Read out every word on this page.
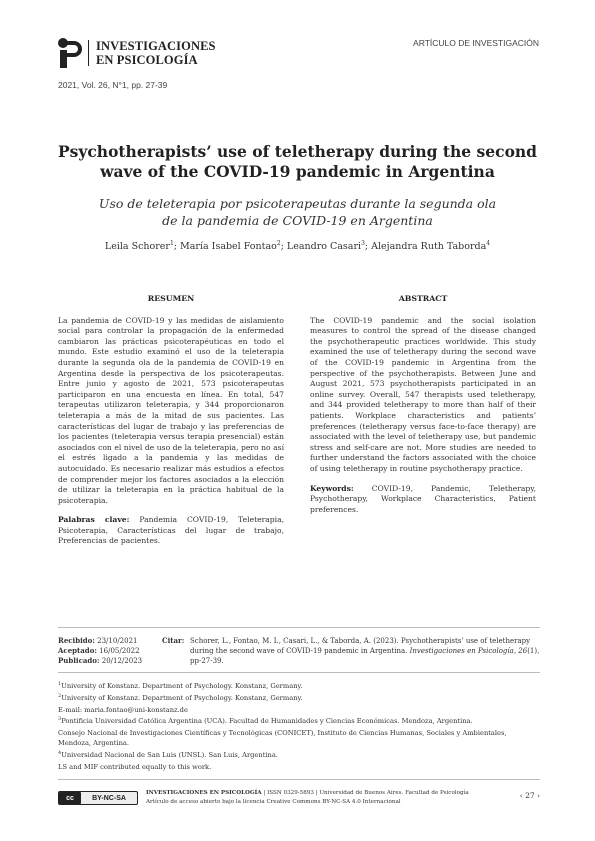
INVESTIGACIONES
EN PSICOLOGÍA
ARTÍCULO DE INVESTIGACIÓN
2021, Vol. 26, N°1, pp. 27-39
Psychotherapists’ use of teletherapy during the second
wave of the COVID-19 pandemic in Argentina
Uso de teleterapia por psicoterapeutas durante la segunda ola
de la pandemia de COVID-19 en Argentina
Leila Schorer$^1$; María Isabel Fontao$^2$; Leandro Casari$^3$; Alejandra Ruth Taborda$^4$
RESUMEN
La pandemia de COVID-19 y las medidas de aislamiento social para controlar la propagación de la enfermedad cambiaron las prácticas psicoterapéuticas en todo el mundo. Este estudio examinó el uso de la teleterapia durante la segunda ola de la pandemia de COVID-19 en Argentina desde la perspectiva de los psicoterapeutas. Entre junio y agosto de 2021, 573 psicoterapeutas participaron en una encuesta en línea. En total, 547 terapeutas utilizaron teleterapia, y 344 proporcionaron teleterapia a más de la mitad de sus pacientes. Las características del lugar de trabajo y las preferencias de los pacientes (teleterapia versus terapia presencial) están asociados con el nivel de uso de la teleterapia, pero no así el estrés ligado a la pandemia y las medidas de autocuidado. Es necesario realizar más estudios a efectos de comprender mejor los factores asociados a la elección de utilizar la teleterapia en la práctica habitual de la psicoterapia.
Palabras clave: Pandemia COVID-19, Teleterapia, Psicoterapia, Características del lugar de trabajo, Preferencias de pacientes.
ABSTRACT
The COVID-19 pandemic and the social isolation measures to control the spread of the disease changed the psychotherapeutic practices worldwide. This study examined the use of teletherapy during the second wave of the COVID-19 pandemic in Argentina from the perspective of the psychotherapists. Between June and August 2021, 573 psychotherapists participated in an online survey. Overall, 547 therapists used teletherapy, and 344 provided teletherapy to more than half of their patients. Workplace characteristics and patients’ preferences (teletherapy versus face-to-face therapy) are associated with the level of teletherapy use, but pandemic stress and self-care are not. More studies are needed to further understand the factors associated with the choice of using teletherapy in routine psychotherapy practice.
Keywords: COVID-19, Pandemic, Teletherapy, Psychotherapy, Workplace Characteristics, Patient preferences.
Recibido: 23/10/2021
Aceptado: 16/05/2022
Publicado: 20/12/2023
Citar: Schorer, L., Fontao, M. I., Casari, L., & Taborda, A. (2023). Psychotherapists’ use of teletherapy during the second wave of COVID-19 pandemic in Argentina. Investigaciones en Psicología, 26(1), pp-27-39.
$^1$University of Konstanz. Department of Psychology. Konstanz, Germany.
$^2$University of Konstanz. Department of Psychology. Konstanz, Germany.
E-mail: maria.fontao@uni-konstanz.de
$^3$Pontificia Universidad Católica Argentina (UCA). Facultad de Humanidades y Ciencias Económicas. Mendoza, Argentina.
Consejo Nacional de Investigaciones Científicas y Tecnológicas (CONICET), Instituto de Ciencias Humanas, Sociales y Ambientales, Mendoza, Argentina.
$^4$Universidad Nacional de San Luis (UNSL). San Luis, Argentina.
LS and MIF contributed equally to this work.
cc	BY-NC-SA
INVESTIGACIONES EN PSICOLOGÍA | ISSN 0329-5893 | Universidad de Buenos Aires. Facultad de Psicología
Artículo de acceso abierto bajo la licencia Creative Commons BY-NC-SA 4.0 Internacional
‹ 27 ›
